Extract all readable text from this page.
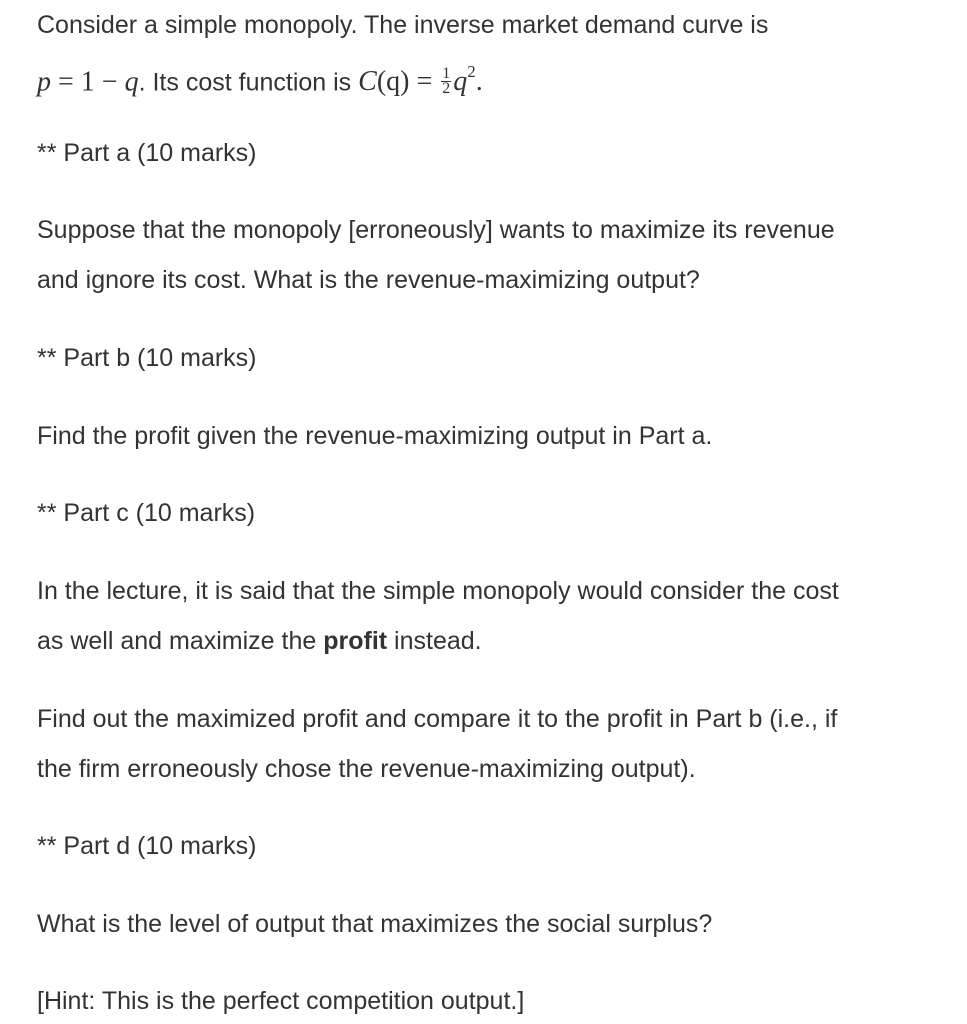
Consider a simple monopoly. The inverse market demand curve is
p = 1 − q. Its cost function is $C(q) = \frac{1}{2} q^2$.
** Part a (10 marks)
Suppose that the monopoly [erroneously] wants to maximize its revenue
and ignore its cost. What is the revenue-maximizing output?
** Part b (10 marks)
Find the profit given the revenue-maximizing output in Part a.
** Part c (10 marks)
In the lecture, it is said that the simple monopoly would consider the cost
as well and maximize the profit instead.
Find out the maximized profit and compare it to the profit in Part b (i.e., if
the firm erroneously chose the revenue-maximizing output).
** Part d (10 marks)
What is the level of output that maximizes the social surplus?
[Hint: This is the perfect competition output.]
